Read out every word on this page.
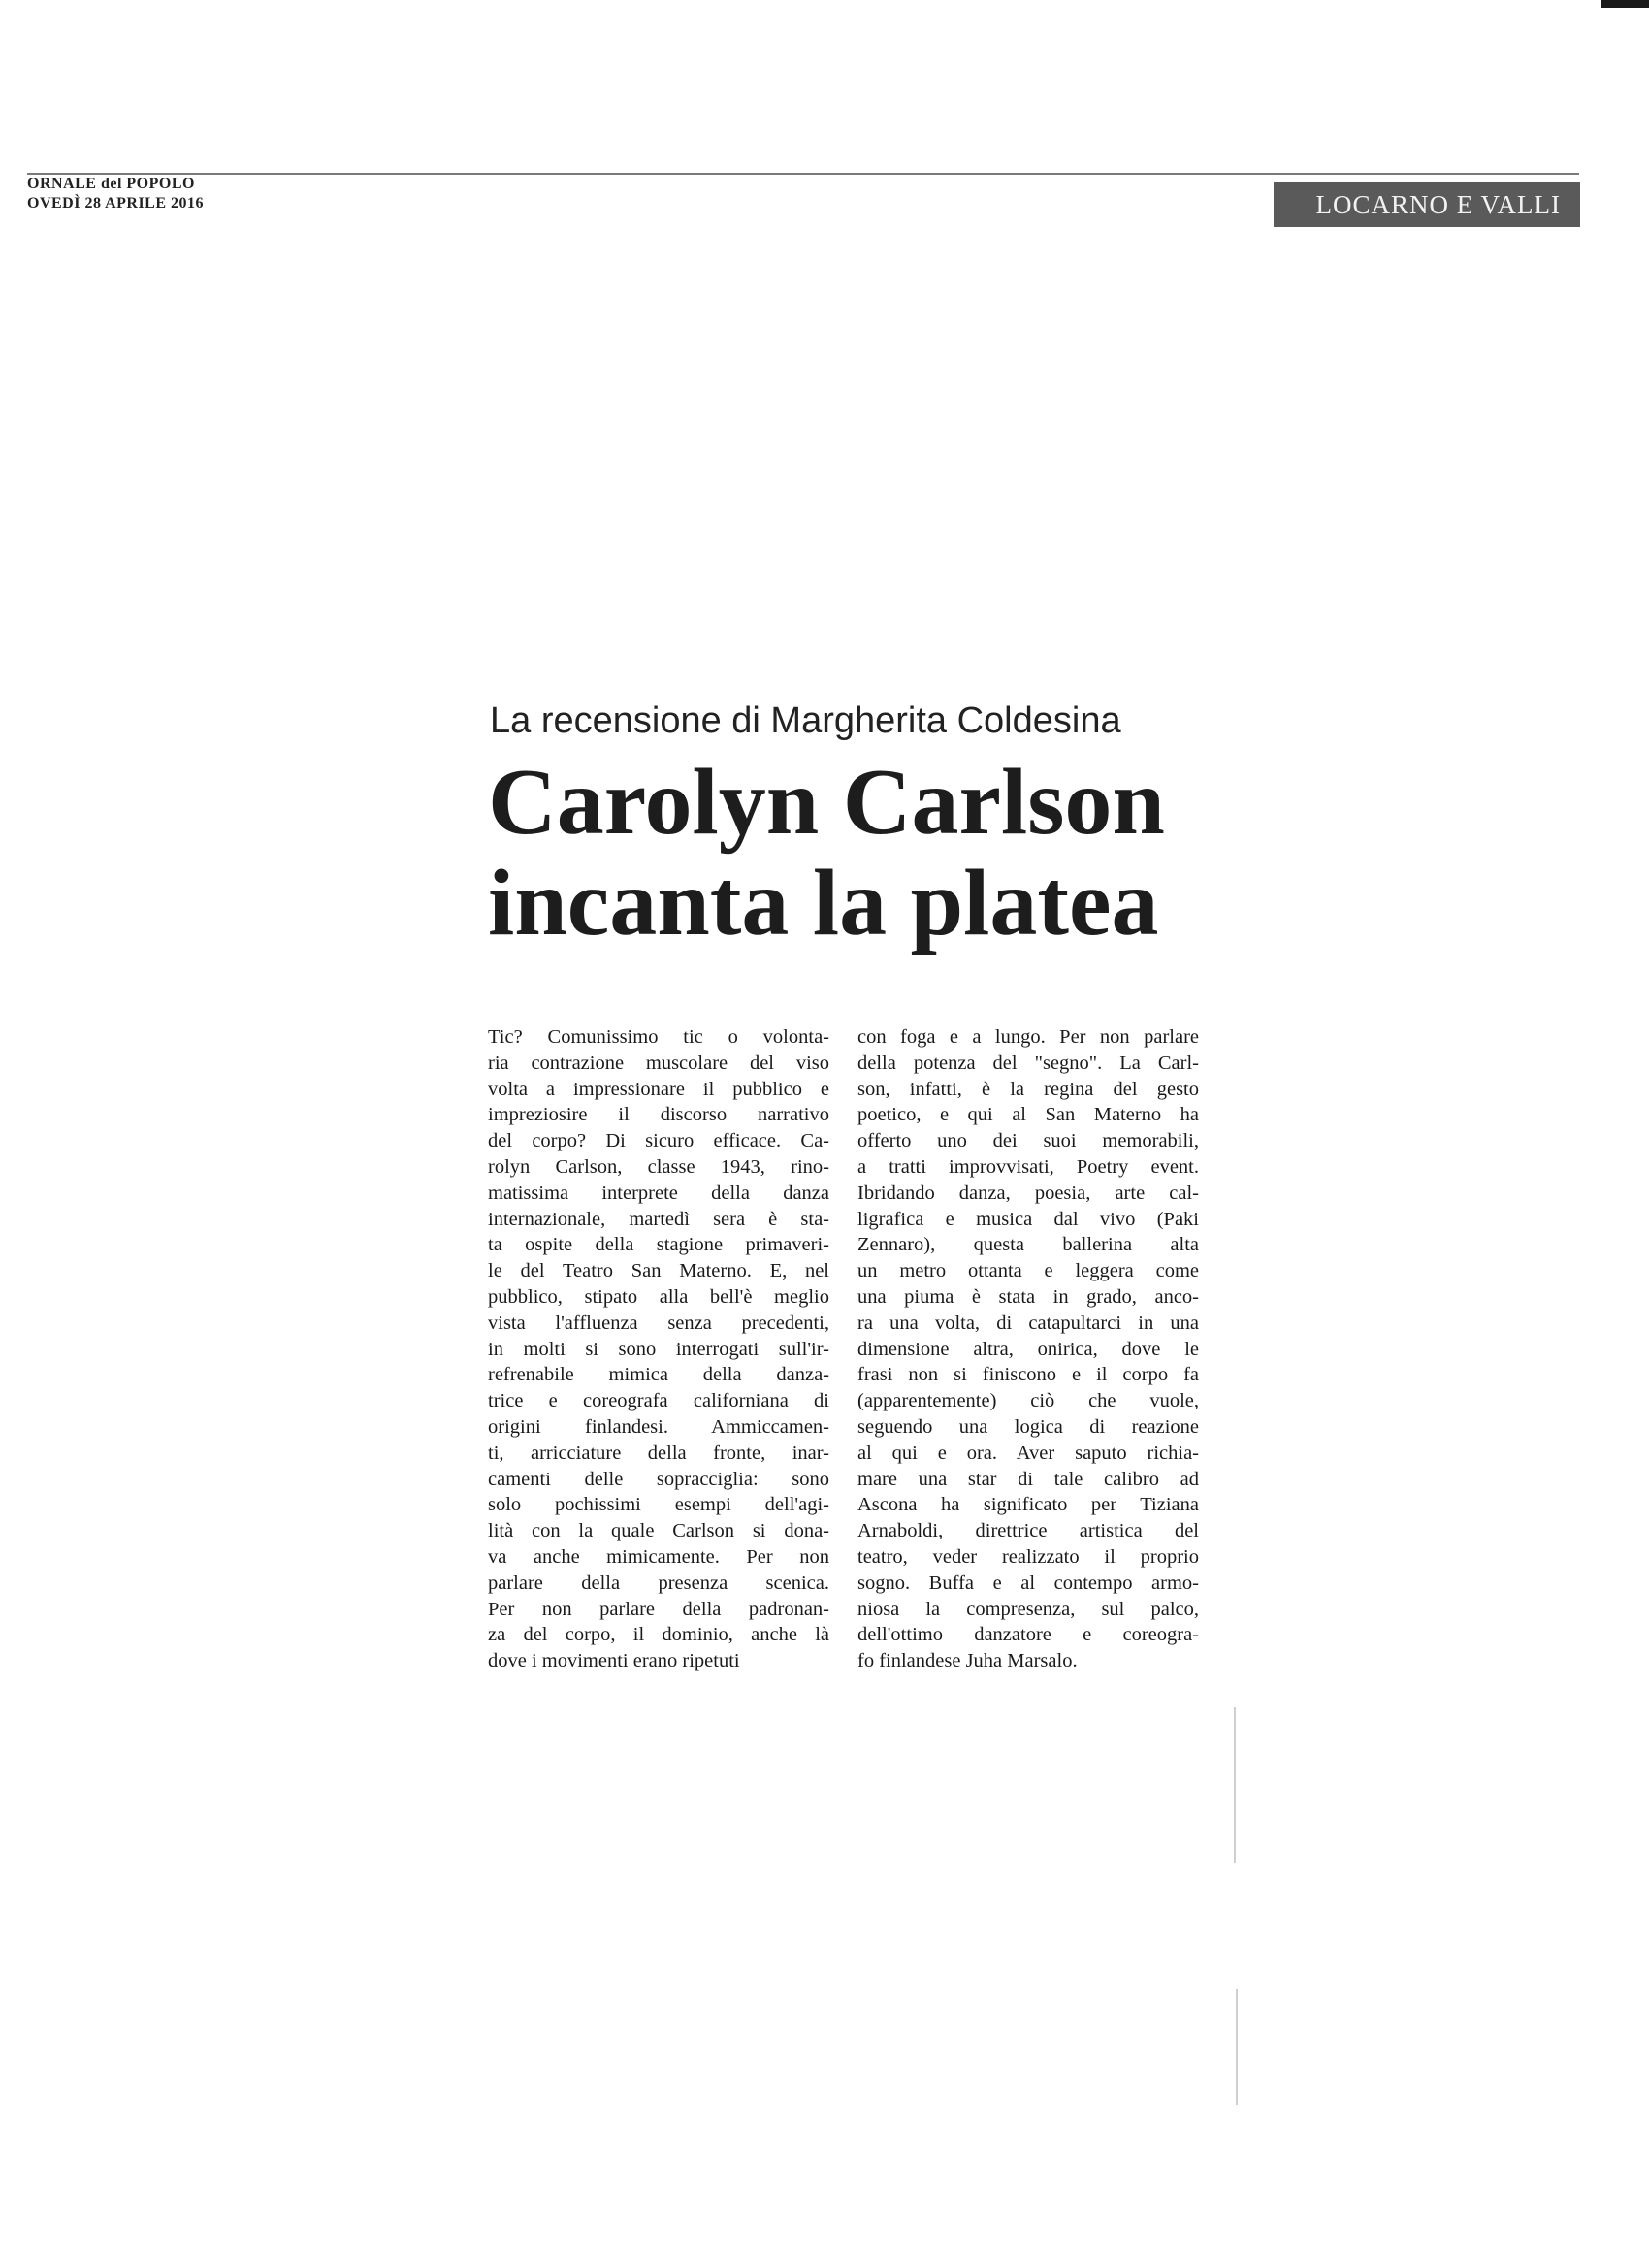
ORNALE del POPOLO
OVEDÌ 28 APRILE 2016	LOCARNO E VALLI
La recensione di Margherita Coldesina
Carolyn Carlson
incanta la platea
Tic? Comunissimo tic o volonta-
ria contrazione muscolare del viso
volta a impressionare il pubblico e
impreziosire il discorso narrativo
del corpo? Di sicuro efficace. Ca-
rolyn Carlson, classe 1943, rino-
matissima interprete della danza
internazionale, martedì sera è sta-
ta ospite della stagione primaveri-
le del Teatro San Materno. E, nel
pubblico, stipato alla bell'è meglio
vista l'affluenza senza precedenti,
in molti si sono interrogati sull'ir-
refrenabile mimica della danza-
trice e coreografa californiana di
origini finlandesi. Ammiccamen-
ti, arricciature della fronte, inar-
camenti delle sopracciglia: sono
solo pochissimi esempi dell'agi-
lità con la quale Carlson si dona-
va anche mimicamente. Per non
parlare della presenza scenica.
Per non parlare della padronan-
za del corpo, il dominio, anche là
dove i movimenti erano ripetuti
con foga e a lungo. Per non parlare
della potenza del "segno". La Carl-
son, infatti, è la regina del gesto
poetico, e qui al San Materno ha
offerto uno dei suoi memorabili,
a tratti improvvisati, Poetry event.
Ibridando danza, poesia, arte cal-
ligrafica e musica dal vivo (Paki
Zennaro), questa ballerina alta
un metro ottanta e leggera come
una piuma è stata in grado, anco-
ra una volta, di catapultarci in una
dimensione altra, onirica, dove le
frasi non si finiscono e il corpo fa
(apparentemente) ciò che vuole,
seguendo una logica di reazione
al qui e ora. Aver saputo richia-
mare una star di tale calibro ad
Ascona ha significato per Tiziana
Arnaboldi, direttrice artistica del
teatro, veder realizzato il proprio
sogno. Buffa e al contempo armo-
niosa la compresenza, sul palco,
dell'ottimo danzatore e coreogra-
fo finlandese Juha Marsalo.
